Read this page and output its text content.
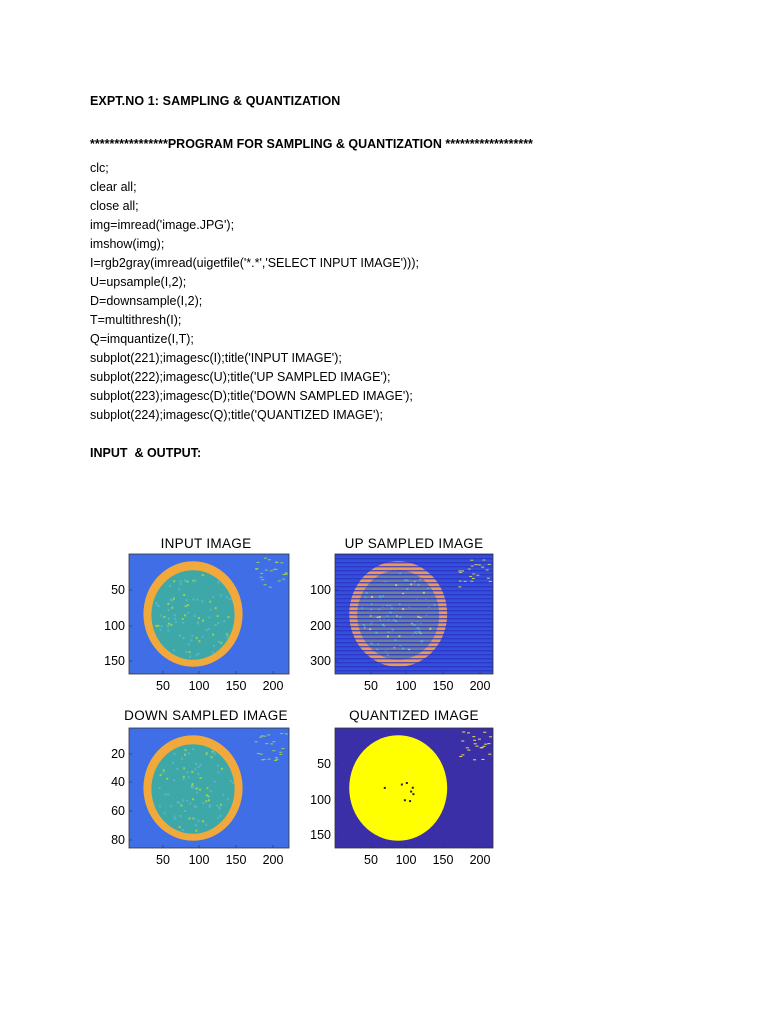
EXPT.NO 1: SAMPLING & QUANTIZATION
****************PROGRAM FOR SAMPLING & QUANTIZATION ******************
clc;
clear all;
close all;
img=imread('image.JPG');
imshow(img);
I=rgb2gray(imread(uigetfile('*.*','SELECT INPUT IMAGE')));
U=upsample(I,2);
D=downsample(I,2);
T=multithresh(I);
Q=imquantize(I,T);
subplot(221);imagesc(I);title('INPUT IMAGE');
subplot(222);imagesc(U);title('UP SAMPLED IMAGE');
subplot(223);imagesc(D);title('DOWN SAMPLED IMAGE');
subplot(224);imagesc(Q);title('QUANTIZED IMAGE');
INPUT  & OUTPUT:
INPUT IMAGE
50 100 150 200
50
100
150
UP SAMPLED IMAGE
50 100 150 200
100
200
300
DOWN SAMPLED IMAGE
50 100 150 200
20
40
60
80
QUANTIZED IMAGE
50 100 150 200
50
100
150
